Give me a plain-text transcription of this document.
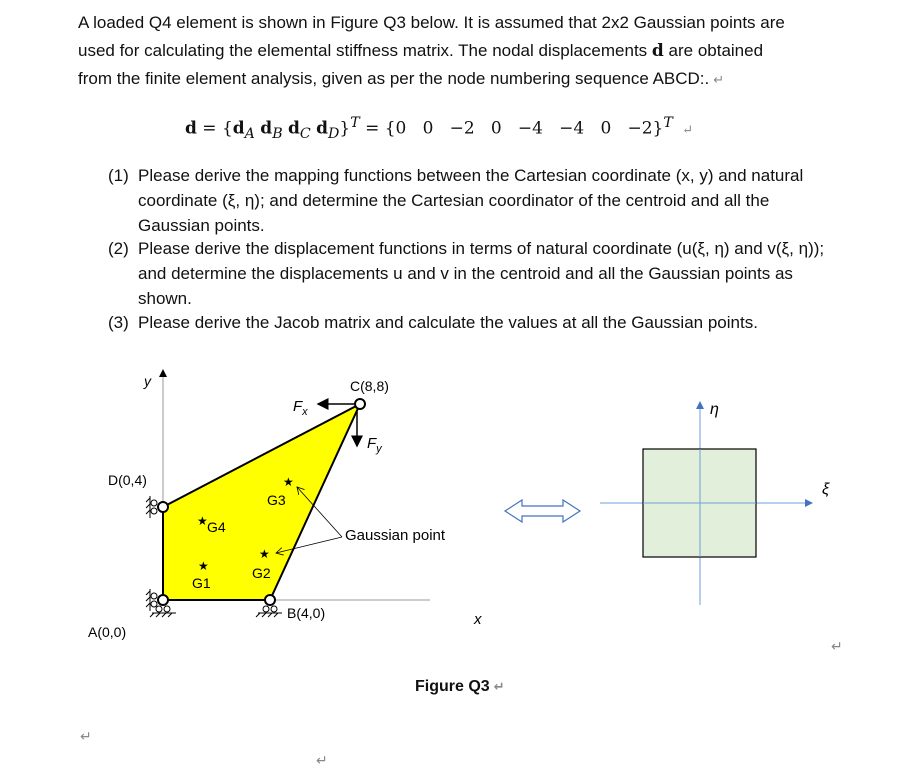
A loaded Q4 element is shown in Figure Q3 below. It is assumed that 2x2 Gaussian points are
used for calculating the elemental stiffness matrix. The nodal displacements d are obtained
from the finite element analysis, given as per the node numbering sequence ABCD:. ↵
$d = \{d_A$ $d_B$ $d_C$ $d_D\}^T = \{0$   0   −2   0   −4   −4   0   −2}$^T$ ↵
(1) Please derive the mapping functions between the Cartesian coordinate (x, y) and natural coordinate (ξ, η); and determine the Cartesian coordinator of the centroid and all the Gaussian points.
(2) Please derive the displacement functions in terms of natural coordinate (u(ξ, η) and v(ξ, η)); and determine the displacements u and v in the centroid and all the Gaussian points as shown.
(3) Please derive the Jacob matrix and calculate the values at all the Gaussian points.
y
x
D(0,4)
A(0,0)
B(4,0)
C(8,8)
$F_x$
$F_y$
★
★
★
★
G4
G1
G2
G3
Gaussian point
η
ξ
Figure Q3 ↵
↵
↵
↵
